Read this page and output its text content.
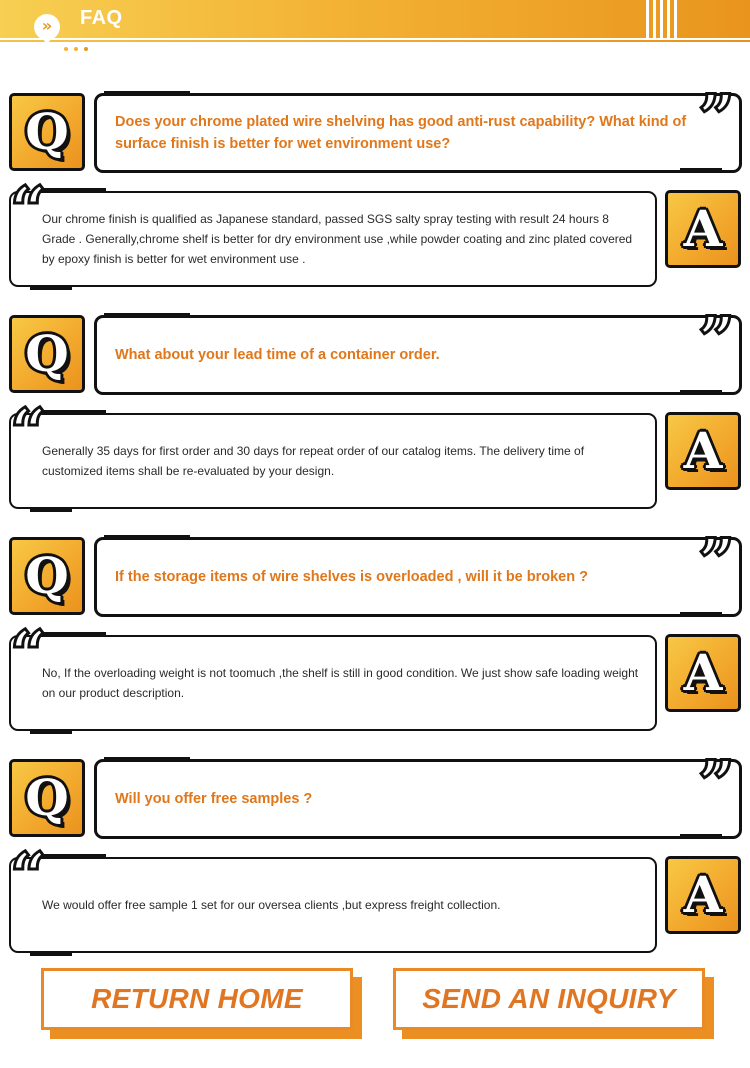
»	FAQ
Q	”
Does your chrome plated wire shelving has good anti-rust capability? What kind of surface finish is better for wet environment use?
“
Our chrome finish is qualified as Japanese standard, passed SGS salty spray testing with result 24 hours 8 Grade . Generally,chrome shelf is better for dry environment use ,while powder coating and zinc plated covered by epoxy finish is better for wet environment use .
A
Q	”
What about your lead time of a container order.
“
Generally 35 days for first order and 30 days for repeat order of our catalog items. The delivery time of customized items shall be re-evaluated by your design.	A
Q	”
If the storage items of wire shelves is overloaded , will it be broken ?
“
No, If the overloading weight is not toomuch ,the shelf is still in good condition. We just show safe loading weight on our product description.	A
Q	”
Will you offer free samples ?
“
We would offer free sample 1 set for our oversea clients ,but express freight collection.	A
RETURN HOME	SEND AN INQUIRY
